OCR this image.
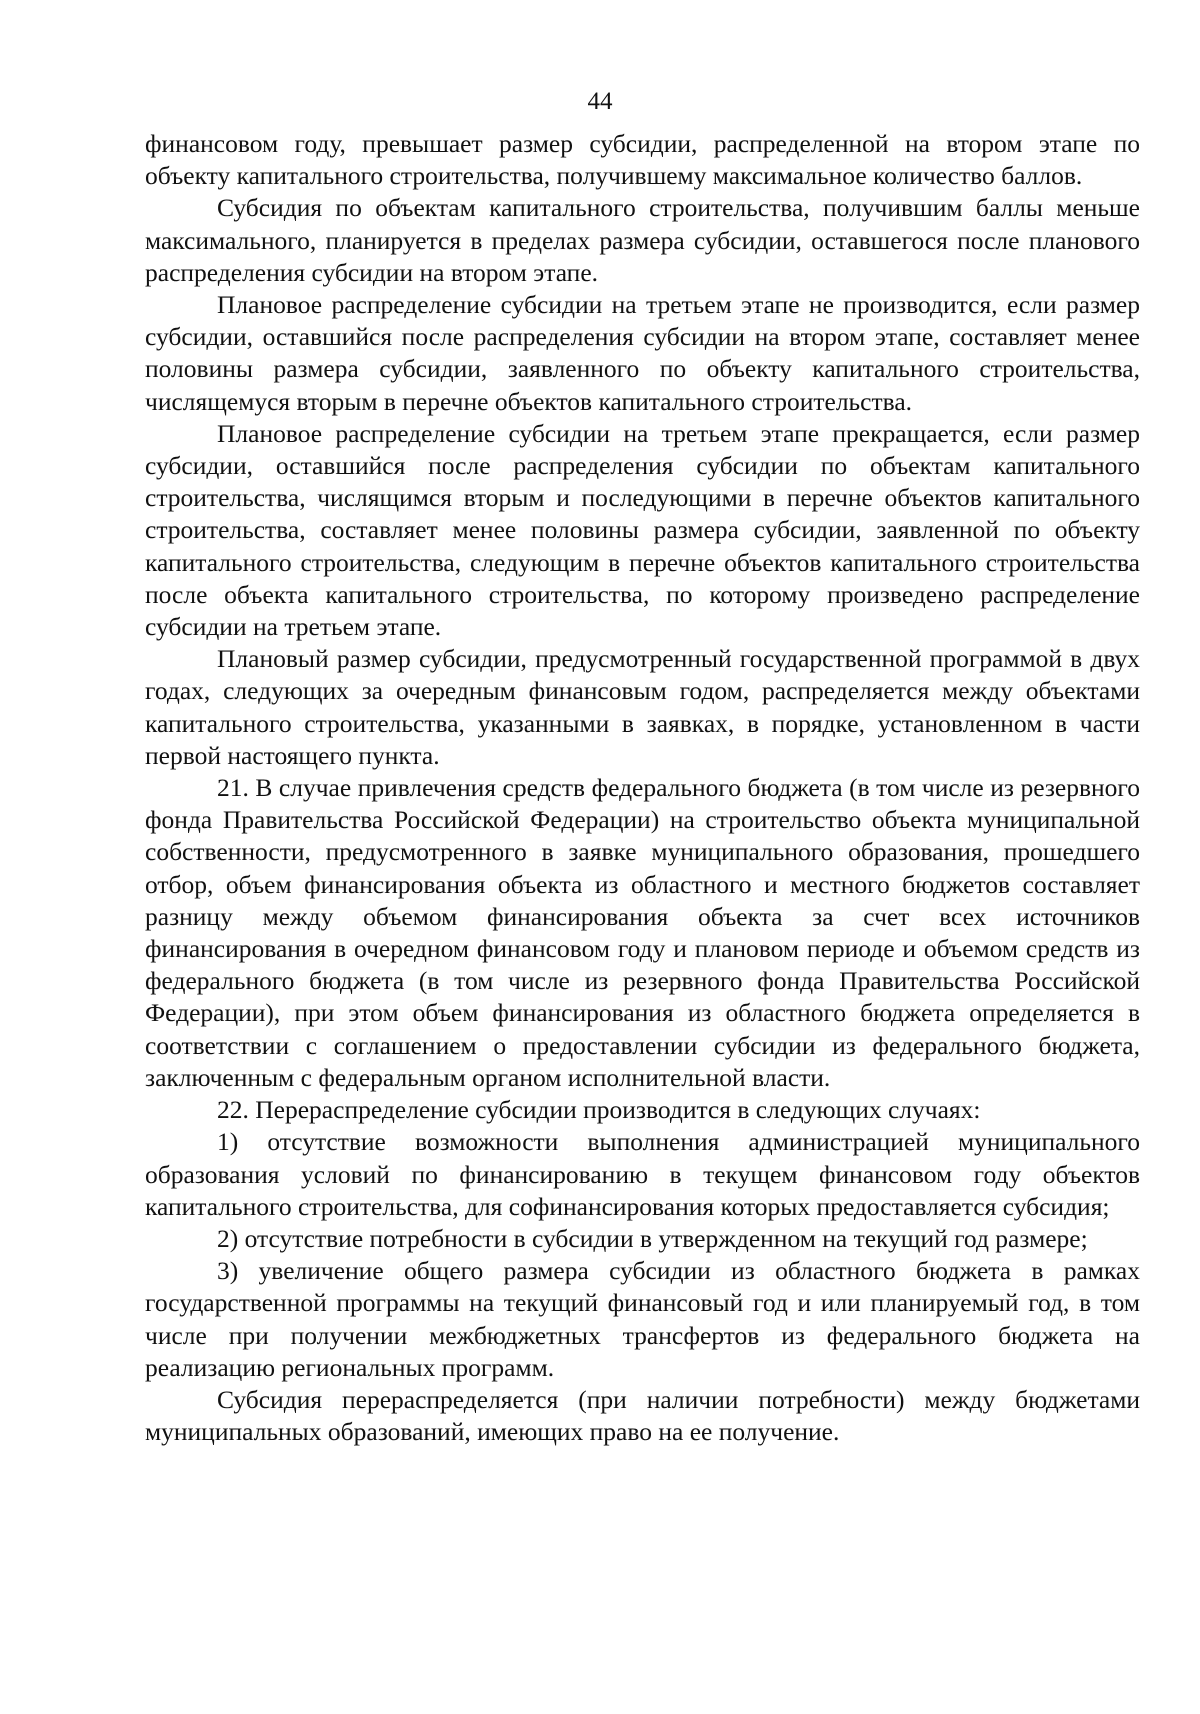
44

финансовом году, превышает размер субсидии, распределенной на втором этапе по объекту капитального строительства, получившему максимальное количество баллов.

Субсидия по объектам капитального строительства, получившим баллы меньше максимального, планируется в пределах размера субсидии, оставшегося после планового распределения субсидии на втором этапе.

Плановое распределение субсидии на третьем этапе не производится, если размер субсидии, оставшийся после распределения субсидии на втором этапе, составляет менее половины размера субсидии, заявленного по объекту капитального строительства, числящемуся вторым в перечне объектов капитального строительства.

Плановое распределение субсидии на третьем этапе прекращается, если размер субсидии, оставшийся после распределения субсидии по объектам капитального строительства, числящимся вторым и последующими в перечне объектов капитального строительства, составляет менее половины размера субсидии, заявленной по объекту капитального строительства, следующим в перечне объектов капитального строительства после объекта капитального строительства, по которому произведено распределение субсидии на третьем этапе.

Плановый размер субсидии, предусмотренный государственной программой в двух годах, следующих за очередным финансовым годом, распределяется между объектами капитального строительства, указанными в заявках, в порядке, установленном в части первой настоящего пункта.

21. В случае привлечения средств федерального бюджета (в том числе из резервного фонда Правительства Российской Федерации) на строительство объекта муниципальной собственности, предусмотренного в заявке муниципального образования, прошедшего отбор, объем финансирования объекта из областного и местного бюджетов составляет разницу между объемом финансирования объекта за счет всех источников финансирования в очередном финансовом году и плановом периоде и объемом средств из федерального бюджета (в том числе из резервного фонда Правительства Российской Федерации), при этом объем финансирования из областного бюджета определяется в соответствии с соглашением о предоставлении субсидии из федерального бюджета, заключенным с федеральным органом исполнительной власти.

22. Перераспределение субсидии производится в следующих случаях:

1) отсутствие возможности выполнения администрацией муниципального образования условий по финансированию в текущем финансовом году объектов капитального строительства, для софинансирования которых предоставляется субсидия;

2) отсутствие потребности в субсидии в утвержденном на текущий год размере;

3) увеличение общего размера субсидии из областного бюджета в рамках государственной программы на текущий финансовый год и или планируемый год, в том числе при получении межбюджетных трансфертов из федерального бюджета на реализацию региональных программ.

Субсидия перераспределяется (при наличии потребности) между бюджетами муниципальных образований, имеющих право на ее получение.
